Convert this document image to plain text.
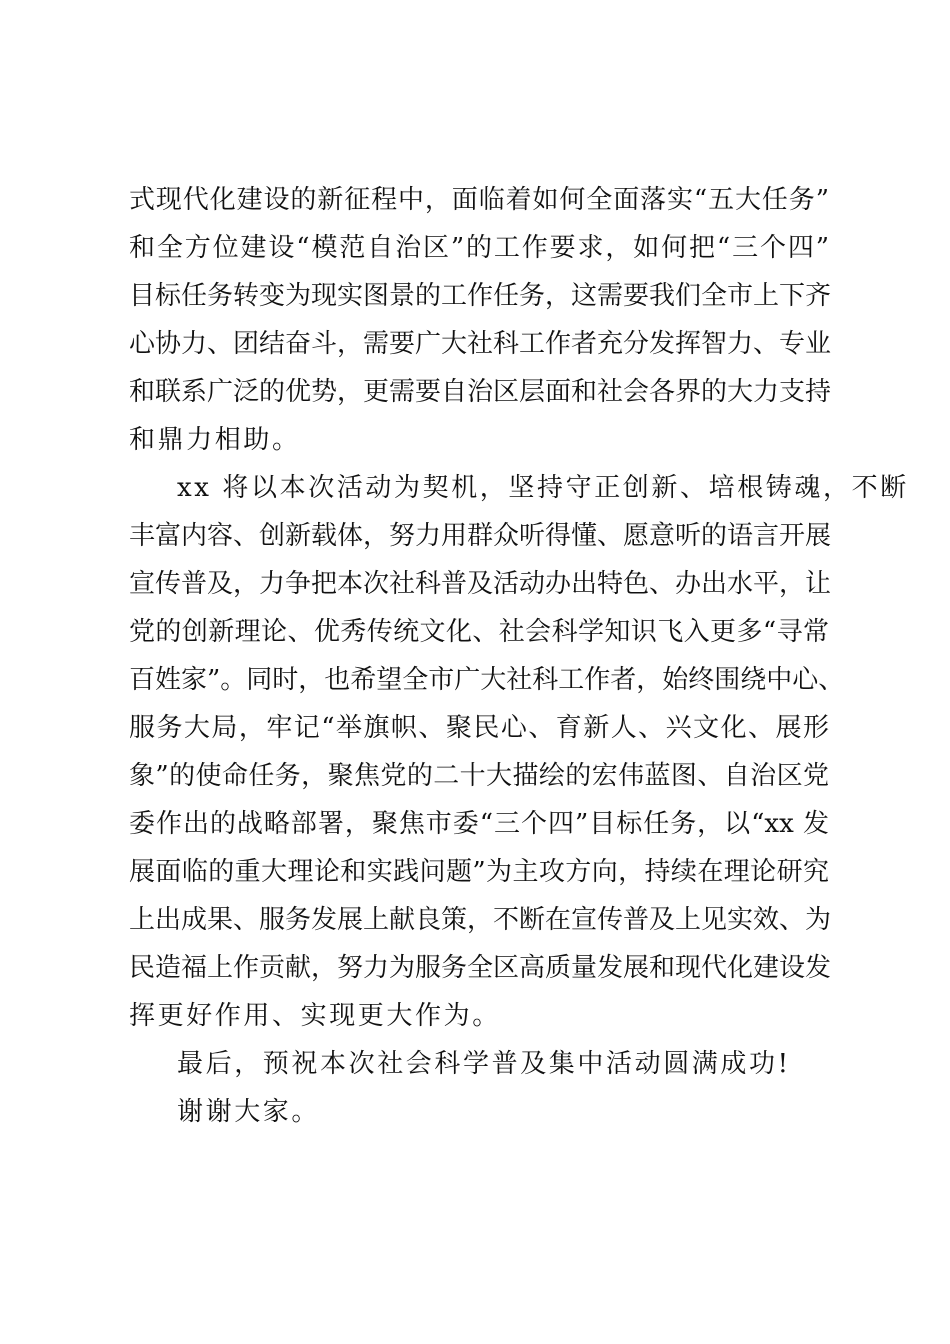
式现代化建设的新征程中，面临着如何全面落实“五大任务”
和全方位建设“模范自治区”的工作要求，如何把“三个四”
目标任务转变为现实图景的工作任务，这需要我们全市上下齐
心协力、团结奋斗，需要广大社科工作者充分发挥智力、专业
和联系广泛的优势，更需要自治区层面和社会各界的大力支持
和鼎力相助。
xx 将以本次活动为契机，坚持守正创新、培根铸魂，不断
丰富内容、创新载体，努力用群众听得懂、愿意听的语言开展
宣传普及，力争把本次社科普及活动办出特色、办出水平，让
党的创新理论、优秀传统文化、社会科学知识飞入更多“寻常
百姓家”。同时，也希望全市广大社科工作者，始终围绕中心、
服务大局，牢记“举旗帜、聚民心、育新人、兴文化、展形
象”的使命任务，聚焦党的二十大描绘的宏伟蓝图、自治区党
委作出的战略部署，聚焦市委“三个四”目标任务，以“xx 发
展面临的重大理论和实践问题”为主攻方向，持续在理论研究
上出成果、服务发展上献良策，不断在宣传普及上见实效、为
民造福上作贡献，努力为服务全区高质量发展和现代化建设发
挥更好作用、实现更大作为。
最后，预祝本次社会科学普及集中活动圆满成功!
谢谢大家。
